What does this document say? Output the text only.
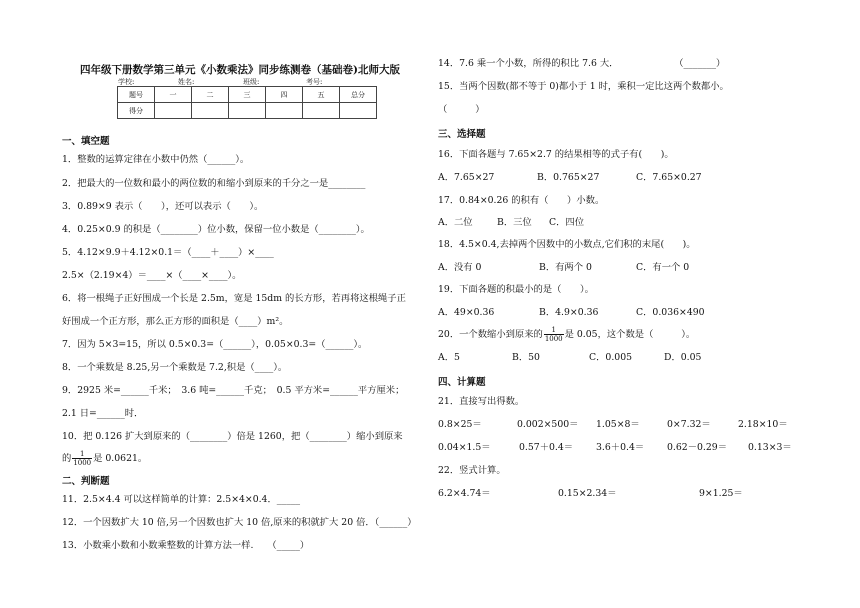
四年级下册数学第三单元《小数乘法》同步练测卷（基础卷)北师大版
学校:	姓名:	班级:	考号:
题号	一	二	三	四	五	总分
得分						
一、填空题
1．整数的运算定律在小数中仍然（______）。
2．把最大的一位数和最小的两位数的和缩小到原来的千分之一是________
3．0.89×9 表示（　　），还可以表示（　　）。
4．0.25×0.9 的积是（________）位小数，保留一位小数是（________）。
5．4.12×9.9＋4.12×0.1＝（____＋____）×____
2.5×（2.19×4）＝____×（____×____）。
6．将一根绳子正好围成一个长是 2.5m，宽是 15dm 的长方形，若再将这根绳子正
好围成一个正方形，那么正方形的面积是（____）m²。
7．因为 5×3=15，所以 0.5×0.3=（______），0.05×0.3=（______）。
8．一个乘数是 8.25,另一个乘数是 7.2,积是（____）。
9．2925 米=______千米；　3.6 吨=______千克；　0.5 平方米=______平方厘米；
2.1 日=______时．
10．把 0.126 扩大到原来的（________）倍是 1260，把（________）缩小到原来
的 $\frac{1}{1000}$ 是 0.0621。
二、判断题
11．2.5×4.4 可以这样简单的计算：2.5×4×0.4．_____
12．一个因数扩大 10 倍,另一个因数也扩大 10 倍,原来的积就扩大 20 倍．（______）
13．小数乘小数和小数乘整数的计算方法一样.　　（_____）
14．7.6 乘一个小数，所得的积比 7.6 大．　　　　　　　（_______）
15．当两个因数(都不等于 0)都小于 1 时，乘积一定比这两个数都小。
（　　　）
三、选择题
16．下面各题与 7.65×2.7 的结果相等的式子有(　　)。
A．7.65×27	B．0.765×27	C．7.65×0.27
17．0.84×0.26 的积有（　　）小数。
A．二位	B．三位 C．四位
18．4.5×0.4,去掉两个因数中的小数点,它们积的末尾(　　)。
A．没有 0	B．有两个 0	C．有一个 0
19．下面各题的积最小的是（　　）。
A．49×0.36	B．4.9×0.36	C．0.036×490
20．一个数缩小到原来的 $\frac{1}{1000}$ 是 0.05，这个数是（　　　）。
A．5	B．50	C．0.005	D．0.05
四、计算题
21．直接写出得数。
0.8×25＝	0.002×500＝ 1.05×8＝	0×7.32＝	2.18×10＝
0.04×1.5＝	0.57＋0.4＝ 3.6＋0.4＝ 0.62－0.29＝ 0.13×3＝
22．竖式计算。
6.2×4.74＝	0.15×2.34＝	9×1.25＝
